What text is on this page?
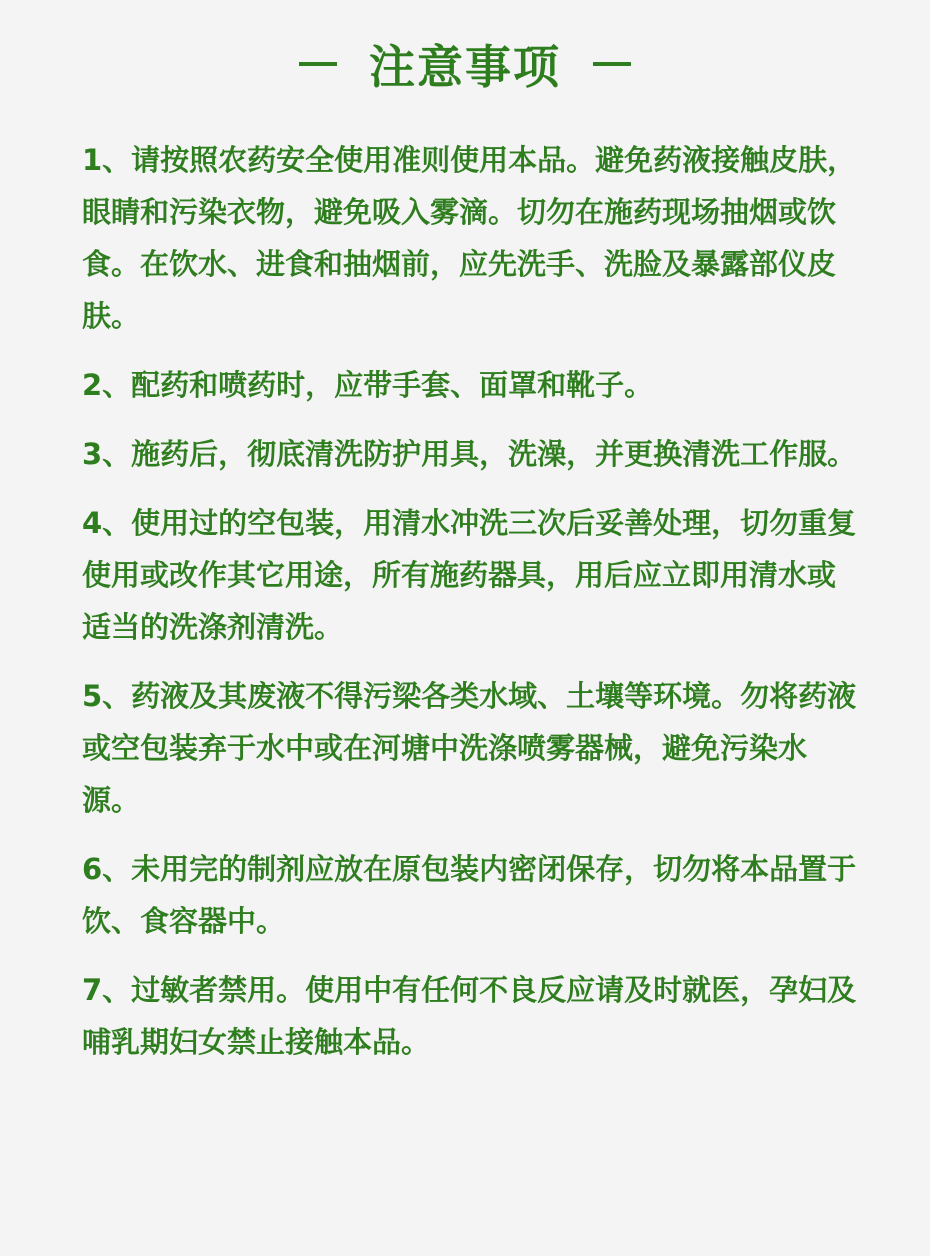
注意事项
1、请按照农药安全使用准则使用本品。避免药液接触皮肤，眼睛和污染衣物，避免吸入雾滴。切勿在施药现场抽烟或饮食。在饮水、进食和抽烟前，应先洗手、洗脸及暴露部仪皮肤。
2、配药和喷药时，应带手套、面罩和靴子。
3、施药后，彻底清洗防护用具，洗澡，并更换清洗工作服。
4、使用过的空包装，用清水冲洗三次后妥善处理，切勿重复使用或改作其它用途，所有施药器具，用后应立即用清水或适当的洗涤剂清洗。
5、药液及其废液不得污梁各类水域、土壤等环境。勿将药液或空包装弃于水中或在河塘中洗涤喷雾器械，避免污染水源。
6、未用完的制剂应放在原包装内密闭保存，切勿将本品置于饮、食容器中。
7、过敏者禁用。使用中有任何不良反应请及时就医，孕妇及哺乳期妇女禁止接触本品。
